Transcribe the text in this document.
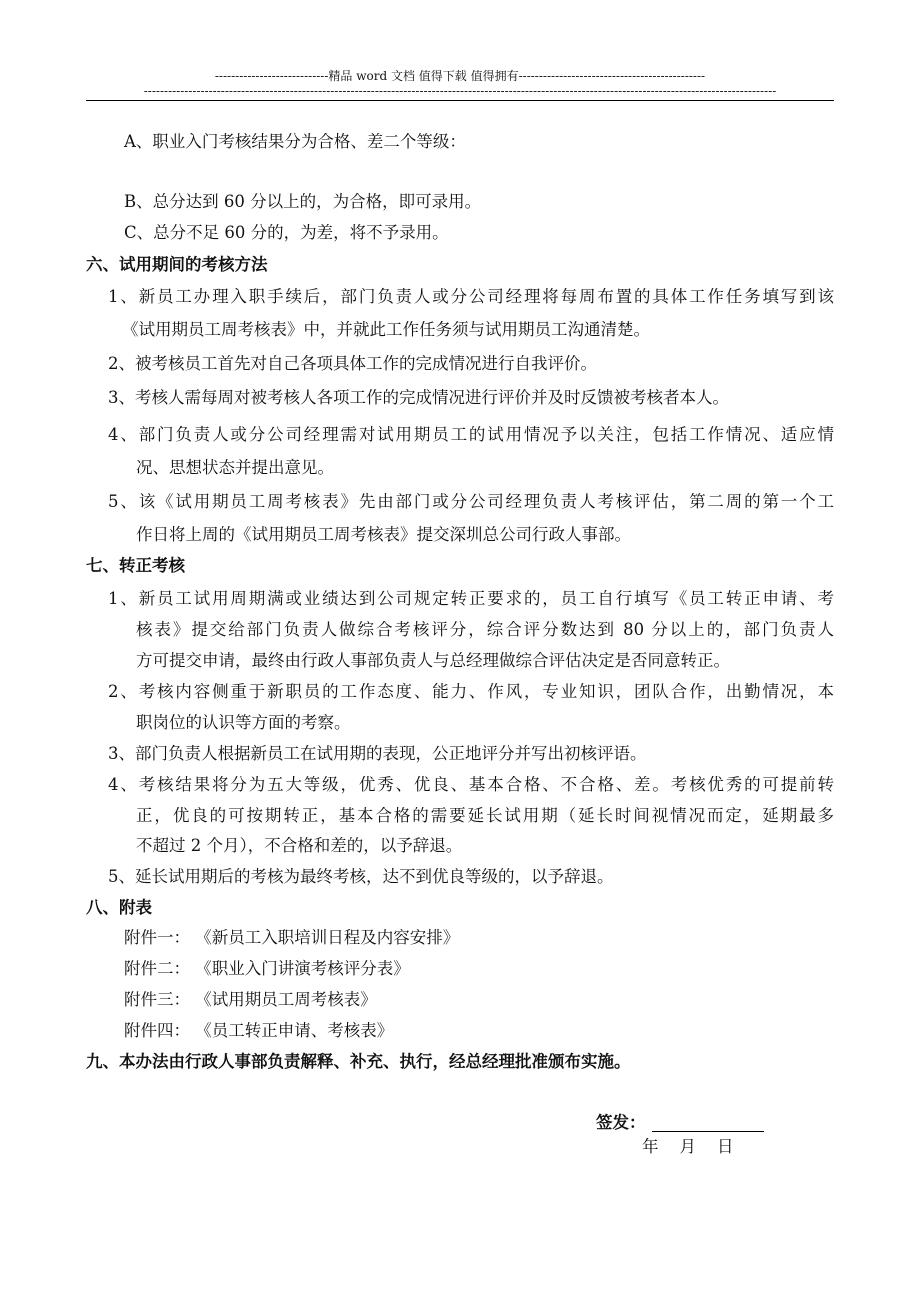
----------------------------精品 word 文档 值得下载 值得拥有----------------------------------------------
------------------------------------------------------------------------------------------------------------------------------------------------------------
A、职业入门考核结果分为合格、差二个等级：
B、总分达到 60 分以上的，为合格，即可录用。
C、总分不足 60 分的，为差，将不予录用。
六、试用期间的考核方法
1、新员工办理入职手续后，部门负责人或分公司经理将每周布置的具体工作任务填写到该
《试用期员工周考核表》中，并就此工作任务须与试用期员工沟通清楚。
2、被考核员工首先对自己各项具体工作的完成情况进行自我评价。
3、考核人需每周对被考核人各项工作的完成情况进行评价并及时反馈被考核者本人。
4、部门负责人或分公司经理需对试用期员工的试用情况予以关注，包括工作情况、适应情
况、思想状态并提出意见。
5、该《试用期员工周考核表》先由部门或分公司经理负责人考核评估，第二周的第一个工
作日将上周的《试用期员工周考核表》提交深圳总公司行政人事部。
七、转正考核
1、新员工试用周期满或业绩达到公司规定转正要求的，员工自行填写《员工转正申请、考
核表》提交给部门负责人做综合考核评分，综合评分数达到 80 分以上的，部门负责人
方可提交申请，最终由行政人事部负责人与总经理做综合评估决定是否同意转正。
2、考核内容侧重于新职员的工作态度、能力、作风，专业知识，团队合作，出勤情况，本
职岗位的认识等方面的考察。
3、部门负责人根据新员工在试用期的表现，公正地评分并写出初核评语。
4、考核结果将分为五大等级，优秀、优良、基本合格、不合格、差。考核优秀的可提前转
正，优良的可按期转正，基本合格的需要延长试用期（延长时间视情况而定，延期最多
不超过 2 个月），不合格和差的，以予辞退。
5、延长试用期后的考核为最终考核，达不到优良等级的，以予辞退。
八、附表
附件一： 《新员工入职培训日程及内容安排》
附件二： 《职业入门讲演考核评分表》
附件三： 《试用期员工周考核表》
附件四： 《员工转正申请、考核表》
九、本办法由行政人事部负责解释、补充、执行，经总经理批准颁布实施。
签发：
年    月    日
